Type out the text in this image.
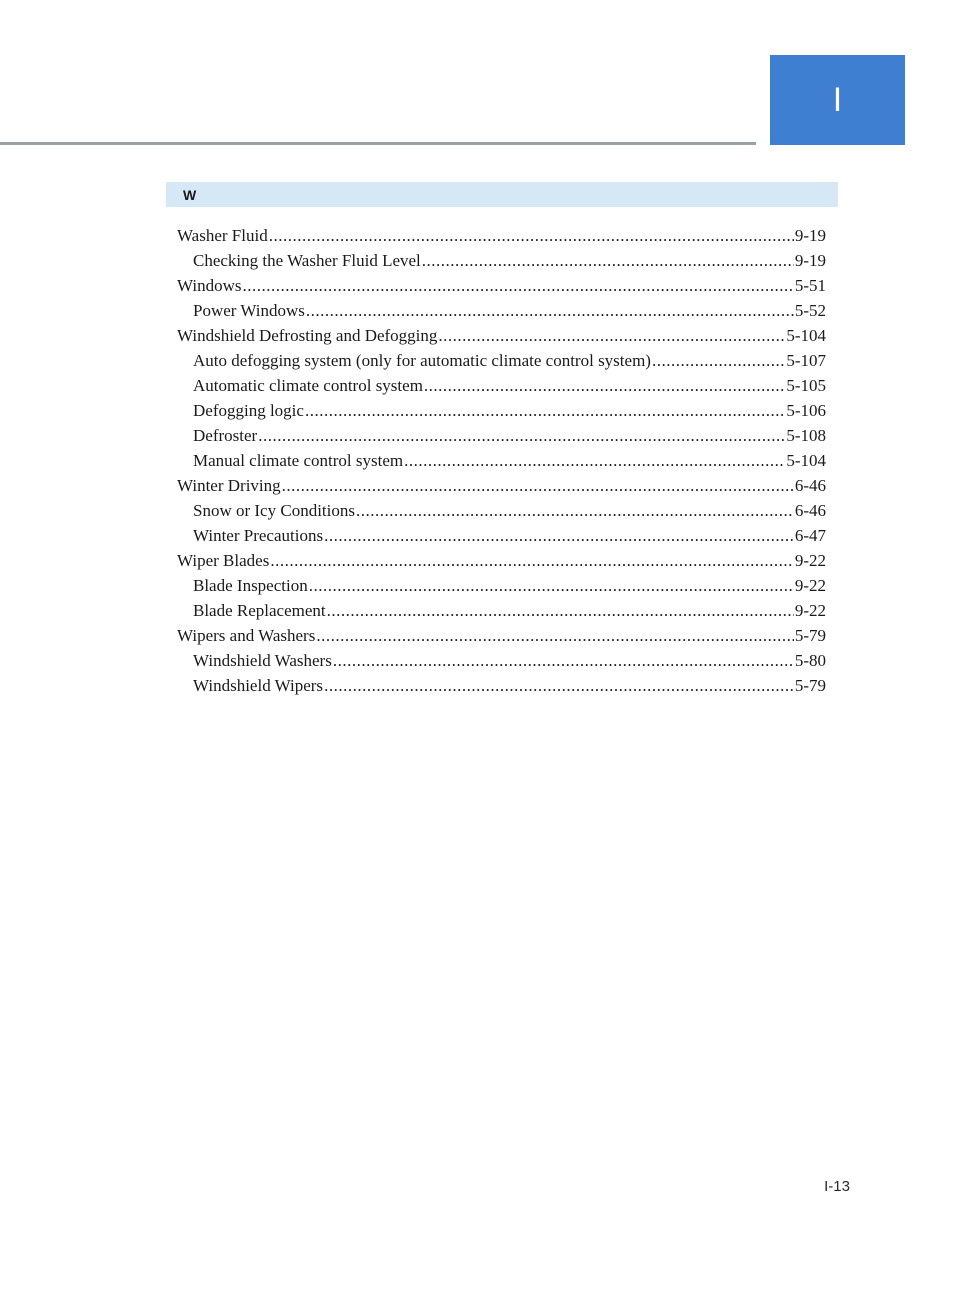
I
W
Washer Fluid .....	9-19
Checking the Washer Fluid Level .....	9-19
Windows .....	5-51
Power Windows .....	5-52
Windshield Defrosting and Defogging .....	5-104
Auto defogging system (only for automatic climate control system) .....	5-107
Automatic climate control system .....	5-105
Defogging logic .....	5-106
Defroster .....	5-108
Manual climate control system .....	5-104
Winter Driving .....	6-46
Snow or Icy Conditions .....	6-46
Winter Precautions .....	6-47
Wiper Blades .....	9-22
Blade Inspection .....	9-22
Blade Replacement .....	9-22
Wipers and Washers .....	5-79
Windshield Washers .....	5-80
Windshield Wipers .....	5-79
I-13
